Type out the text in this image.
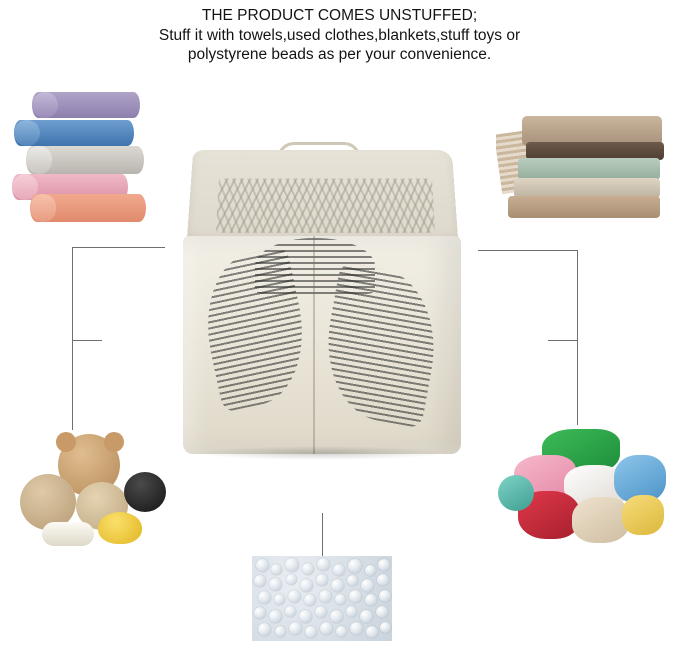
THE PRODUCT COMES UNSTUFFED;
Stuff it with towels,used clothes,blankets,stuff toys or
polystyrene beads as per your convenience.
